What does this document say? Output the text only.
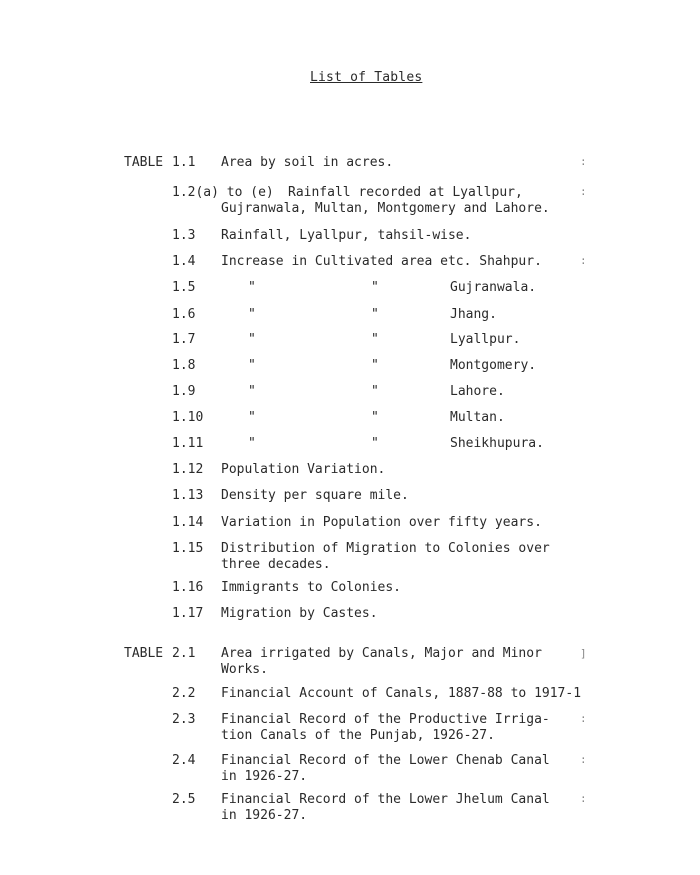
List of Tables
TABLE 1.1 Area by soil in acres.
1.2(a) to (e) Rainfall recorded at Lyallpur,
Gujranwala, Multan, Montgomery and Lahore.
1.3 Rainfall, Lyallpur, tahsil-wise.
1.4 Increase in Cultivated area etc. Shahpur.
1.5	"	"	Gujranwala.
1.6	"	"	Jhang.
1.7	"	"	Lyallpur.
1.8	"	"	Montgomery.
1.9	"	"	Lahore.
1.10	"	"	Multan.
1.11	"	"	Sheikhupura.
1.12 Population Variation.
1.13 Density per square mile.
1.14 Variation in Population over fifty years.
1.15 Distribution of Migration to Colonies over
three decades.
1.16 Immigrants to Colonies.
1.17 Migration by Castes.
TABLE 2.1 Area irrigated by Canals, Major and Minor
Works.
2.2 Financial Account of Canals, 1887-88 to 1917-1
2.3 Financial Record of the Productive Irriga-
tion Canals of the Punjab, 1926-27.
2.4 Financial Record of the Lower Chenab Canal
in 1926-27.
2.5 Financial Record of the Lower Jhelum Canal
in 1926-27.
:
:
:
]
:
:
:
